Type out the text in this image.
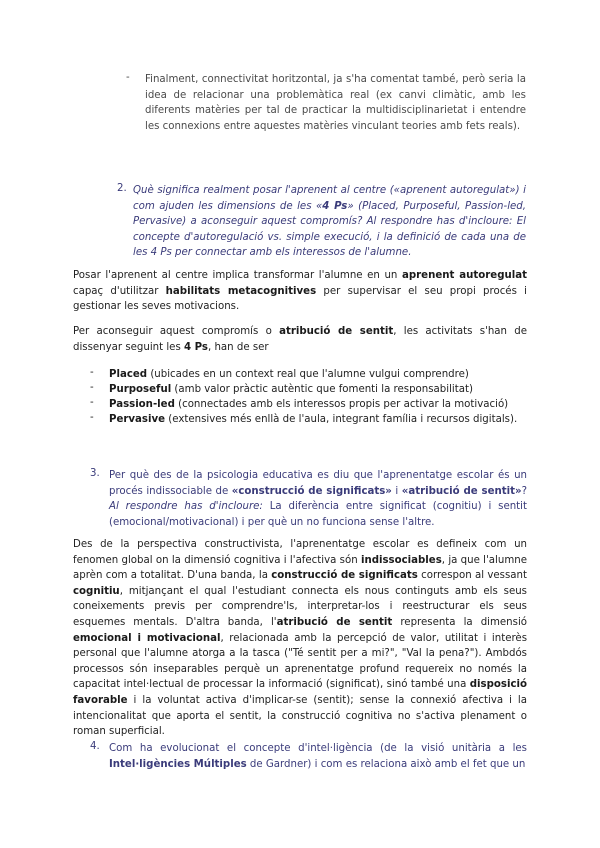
- Finalment, connectivitat horitzontal, ja s'ha comentat també, però seria la idea de relacionar una problemàtica real (ex canvi climàtic, amb les diferents matèries per tal de practicar la multidisciplinarietat i entendre les connexions entre aquestes matèries vinculant teories amb fets reals).
2. Què significa realment posar l'aprenent al centre («aprenent autoregulat») i com ajuden les dimensions de les «4 Ps» (Placed, Purposeful, Passion-led, Pervasive) a aconseguir aquest compromís? Al respondre has d'incloure: El concepte d'autoregulació vs. simple execució, i la definició de cada una de les 4 Ps per connectar amb els interessos de l'alumne.
Posar l'aprenent al centre implica transformar l'alumne en un aprenent autoregulat capaç d'utilitzar habilitats metacognitives per supervisar el seu propi procés i gestionar les seves motivacions.
Per aconseguir aquest compromís o atribució de sentit, les activitats s'han de dissenyar seguint les 4 Ps, han de ser
- Placed (ubicades en un context real que l'alumne vulgui comprendre)
- Purposeful (amb valor pràctic autèntic que fomenti la responsabilitat)
- Passion-led (connectades amb els interessos propis per activar la motivació)
- Pervasive (extensives més enllà de l'aula, integrant família i recursos digitals).
3. Per què des de la psicologia educativa es diu que l'aprenentatge escolar és un procés indissociable de «construcció de significats» i «atribució de sentit»? Al respondre has d'incloure: La diferència entre significat (cognitiu) i sentit (emocional/motivacional) i per què un no funciona sense l'altre.
Des de la perspectiva constructivista, l'aprenentatge escolar es defineix com un fenomen global on la dimensió cognitiva i l'afectiva són indissociables, ja que l'alumne aprèn com a totalitat. D'una banda, la construcció de significats correspon al vessant cognitiu, mitjançant el qual l'estudiant connecta els nous continguts amb els seus coneixements previs per comprendre'ls, interpretar-los i reestructurar els seus esquemes mentals. D'altra banda, l'atribució de sentit representa la dimensió emocional i motivacional, relacionada amb la percepció de valor, utilitat i interès personal que l'alumne atorga a la tasca ("Té sentit per a mi?", "Val la pena?"). Ambdós processos són inseparables perquè un aprenentatge profund requereix no només la capacitat intel·lectual de processar la informació (significat), sinó també una disposició favorable i la voluntat activa d'implicar-se (sentit); sense la connexió afectiva i la intencionalitat que aporta el sentit, la construcció cognitiva no s'activa plenament o roman superficial.
4. Com ha evolucionat el concepte d'intel·ligència (de la visió unitària a les Intel·ligències Múltiples de Gardner) i com es relaciona això amb el fet que un
